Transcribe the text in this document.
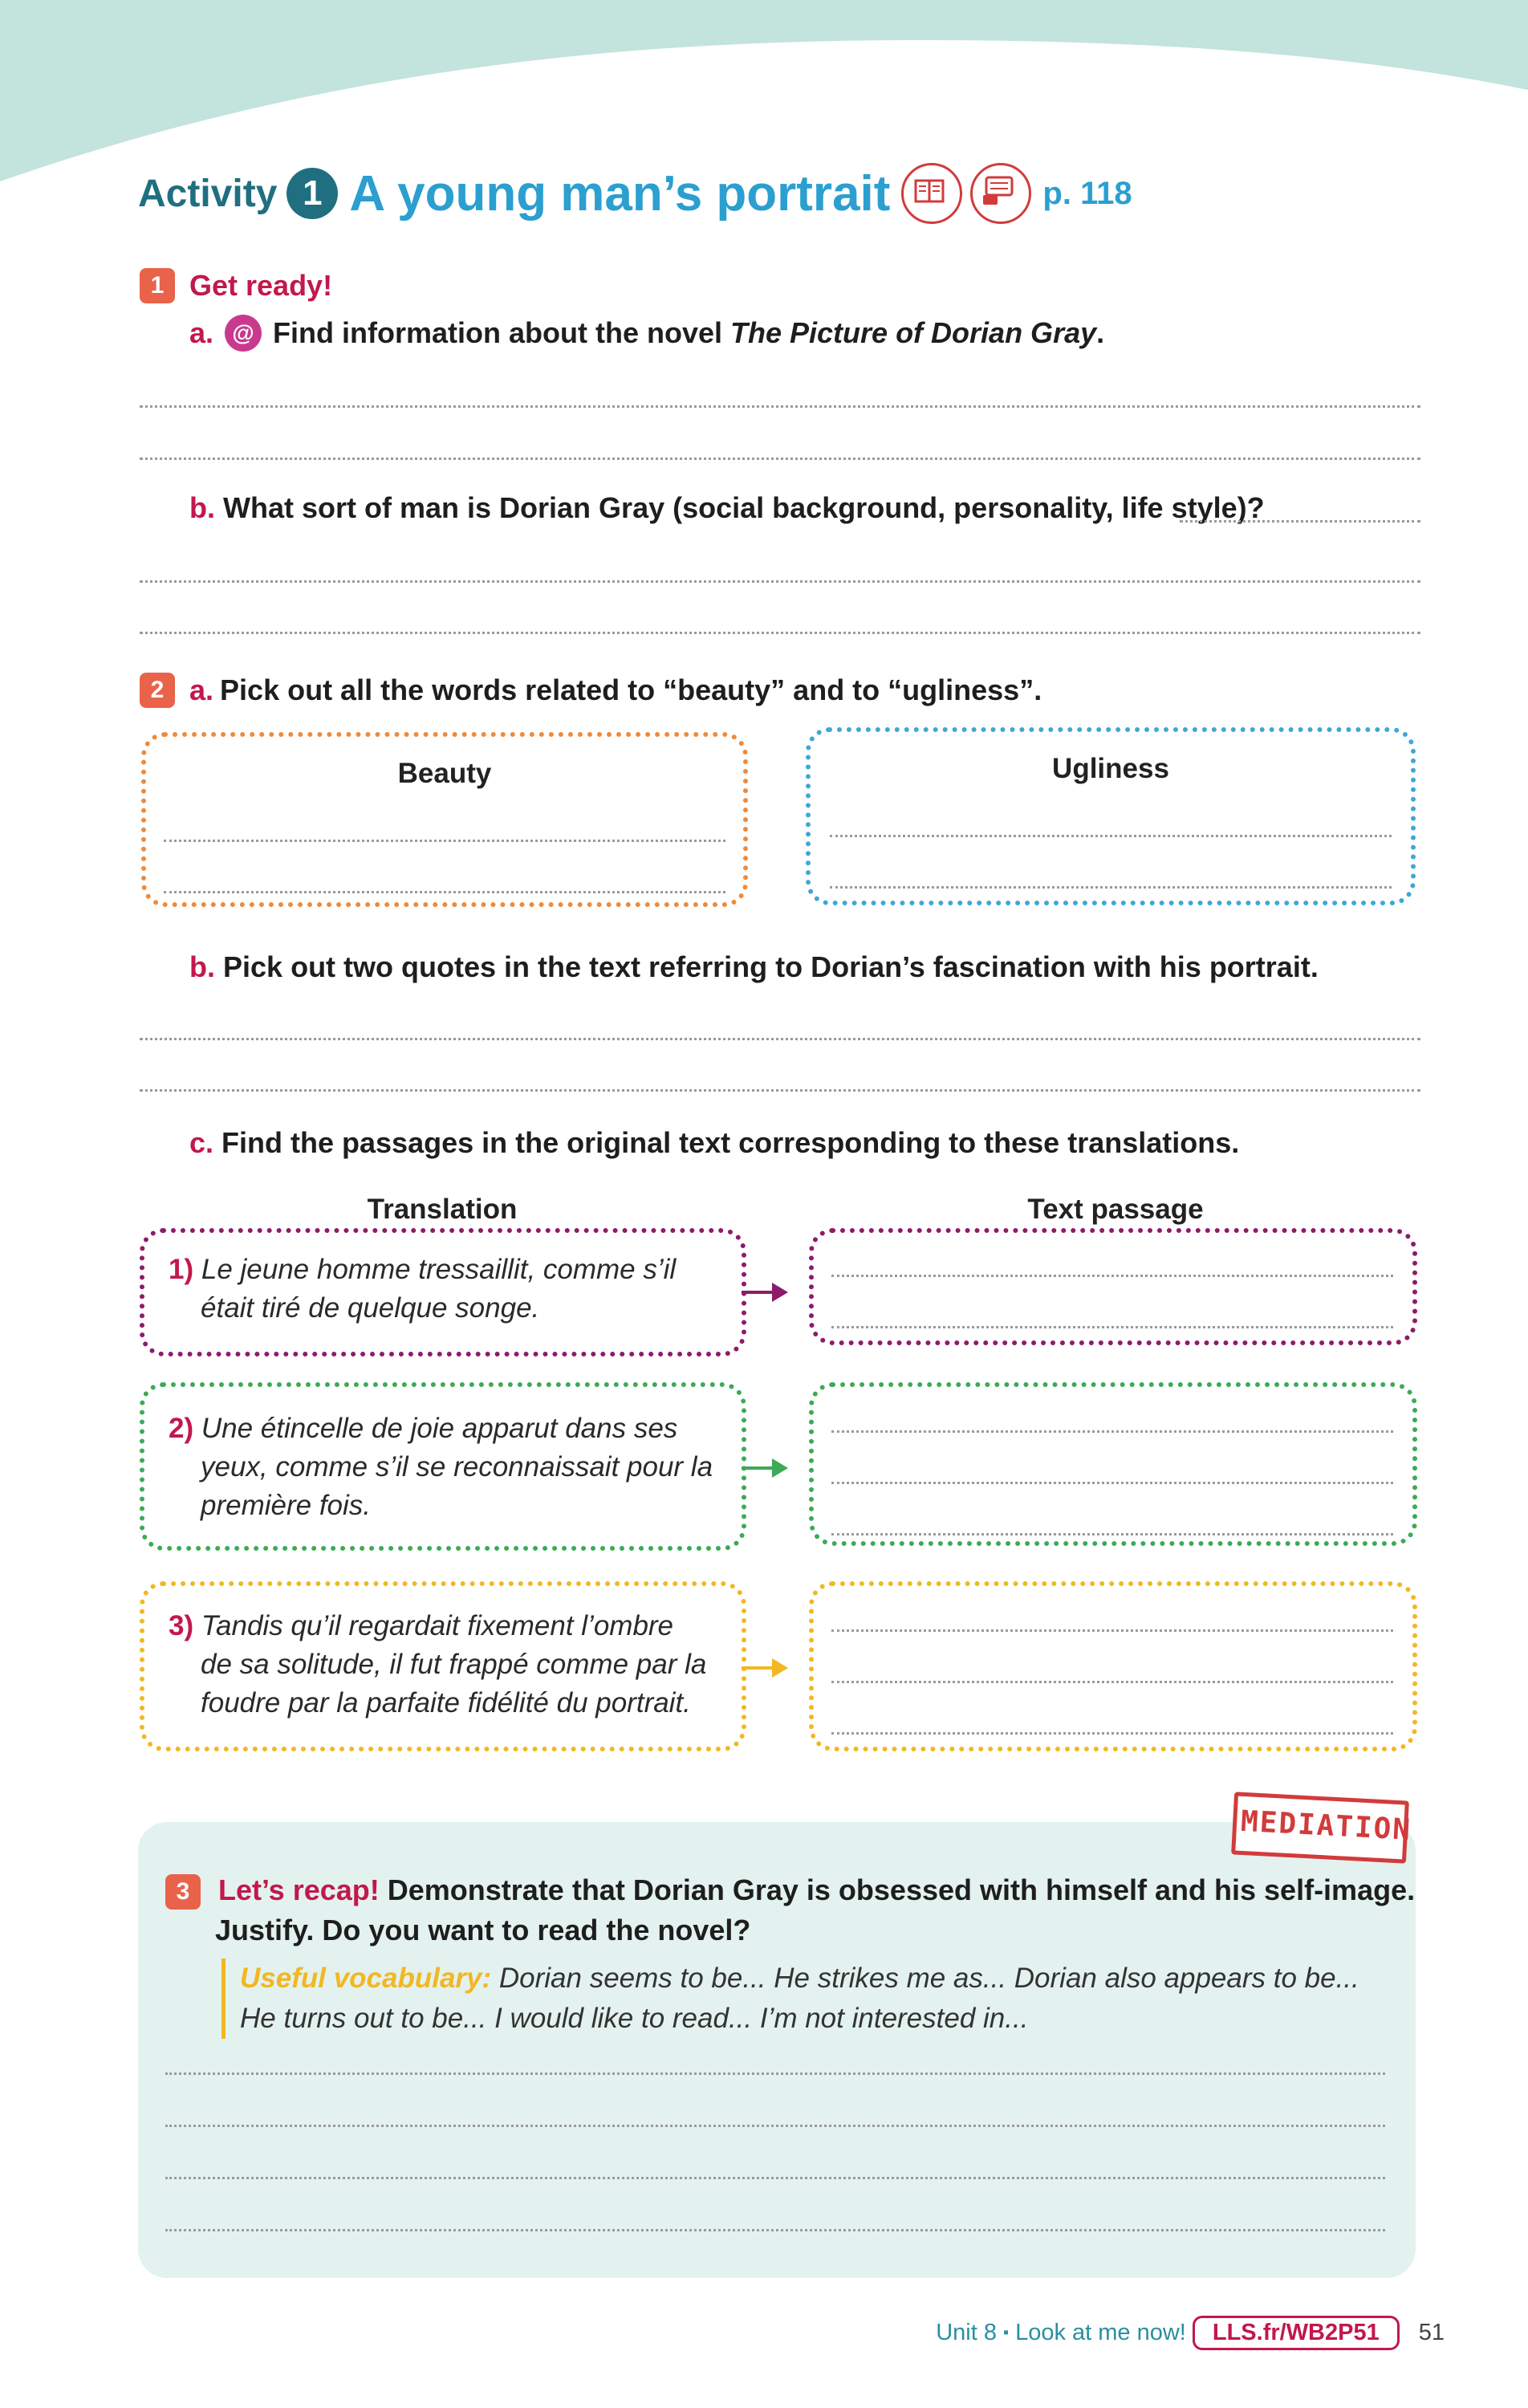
Activity 1 A young man’s portrait	p. 118
1 Get ready!
a. @ Find information about the novel The Picture of Dorian Gray .
b. What sort of man is Dorian Gray (social background, personality, life style)?
2 a. Pick out all the words related to “beauty” and to “ugliness”.
Beauty	Ugliness
b. Pick out two quotes in the text referring to Dorian’s fascination with his portrait.
c. Find the passages in the original text corresponding to these translations.
Translation	Text passage
1) Le jeune homme tressaillit, comme s’il
était tiré de quelque songe.
2) Une étincelle de joie apparut dans ses
yeux, comme s’il se reconnaissait pour la
première fois.
3) Tandis qu’il regardait fixement l’ombre
de sa solitude, il fut frappé comme par la
foudre par la parfaite fidélité du portrait.
MEDIATION
3 Let’s recap! Demonstrate that Dorian Gray is obsessed with himself and his self-image.
Justify. Do you want to read the novel?
Useful vocabulary: Dorian seems to be... He strikes me as... Dorian also appears to be...
He turns out to be... I would like to read... I’m not interested in...
Unit 8 ▪ Look at me now!	LLS.fr/WB2P51	51
